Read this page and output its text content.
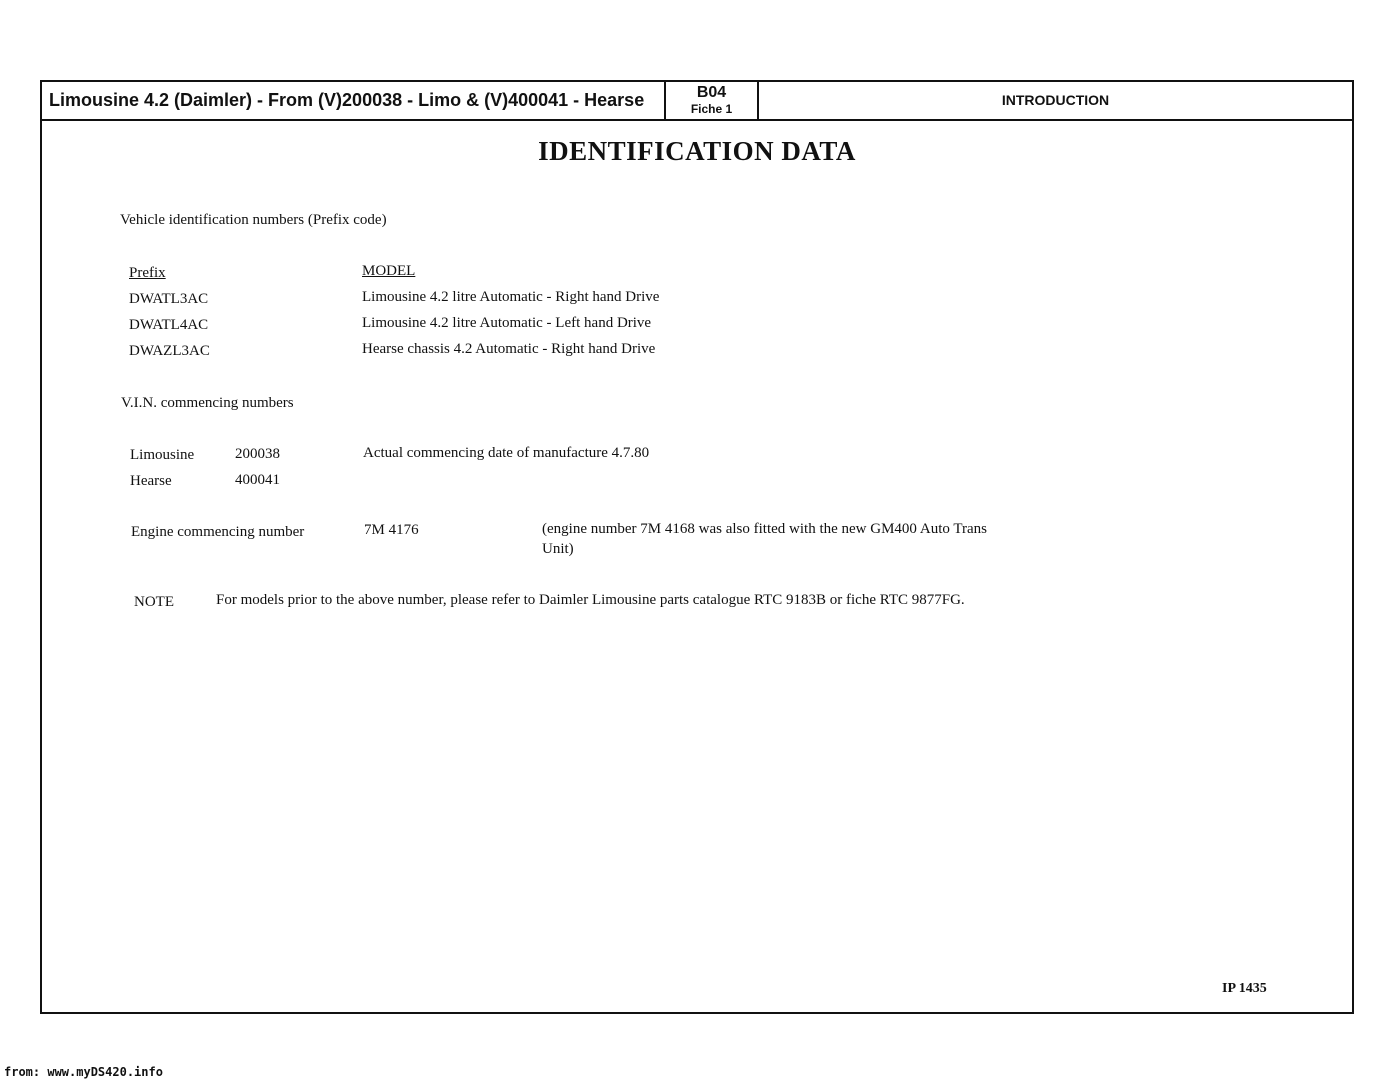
Limousine 4.2 (Daimler) - From (V)200038 - Limo & (V)400041 - Hearse	B04
Fiche 1
INTRODUCTION
IDENTIFICATION DATA
Vehicle identification numbers (Prefix code)
Prefix	MODEL
DWATL3AC	Limousine 4.2 litre Automatic - Right hand Drive
DWATL4AC	Limousine 4.2 litre Automatic - Left hand Drive
DWAZL3AC	Hearse chassis 4.2 Automatic - Right hand Drive
V.I.N. commencing numbers
Limousine	200038	Actual commencing date of manufacture 4.7.80
Hearse	400041
Engine commencing number	7M 4176	(engine number 7M 4168 was also fitted with the new GM400 Auto Trans
Unit)
NOTE	For models prior to the above number, please refer to Daimler Limousine parts catalogue RTC 9183B or fiche RTC 9877FG.
IP 1435
from: www.myDS420.info
